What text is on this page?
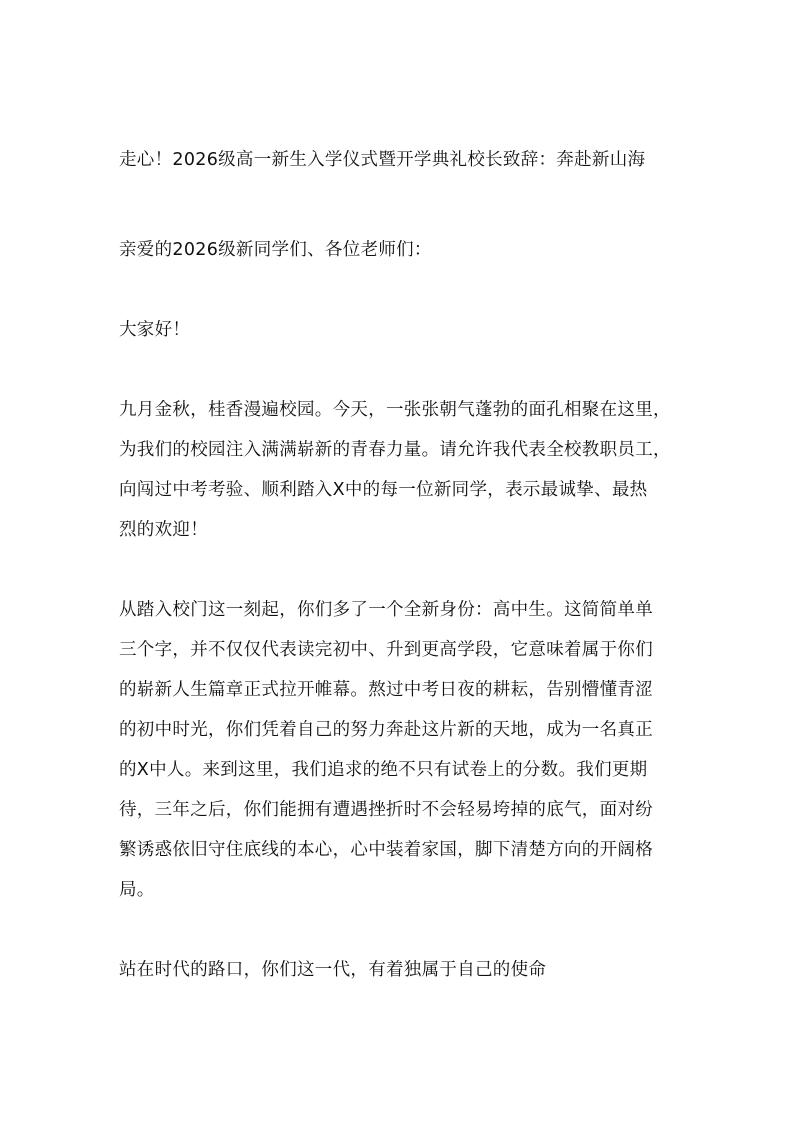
走心！2026级高一新生入学仪式暨开学典礼校长致辞：奔赴新山海
亲爱的2026级新同学们、各位老师们：
大家好！
九月金秋，桂香漫遍校园。今天，一张张朝气蓬勃的面孔相聚在这里，
为我们的校园注入满满崭新的青春力量。请允许我代表全校教职员工，
向闯过中考考验、顺利踏入X中的每一位新同学，表示最诚挚、最热
烈的欢迎！
从踏入校门这一刻起，你们多了一个全新身份：高中生。这简简单单
三个字，并不仅仅代表读完初中、升到更高学段，它意味着属于你们
的崭新人生篇章正式拉开帷幕。熬过中考日夜的耕耘，告别懵懂青涩
的初中时光，你们凭着自己的努力奔赴这片新的天地，成为一名真正
的X中人。来到这里，我们追求的绝不只有试卷上的分数。我们更期
待，三年之后，你们能拥有遭遇挫折时不会轻易垮掉的底气，面对纷
繁诱惑依旧守住底线的本心，心中装着家国，脚下清楚方向的开阔格
局。
站在时代的路口，你们这一代，有着独属于自己的使命
